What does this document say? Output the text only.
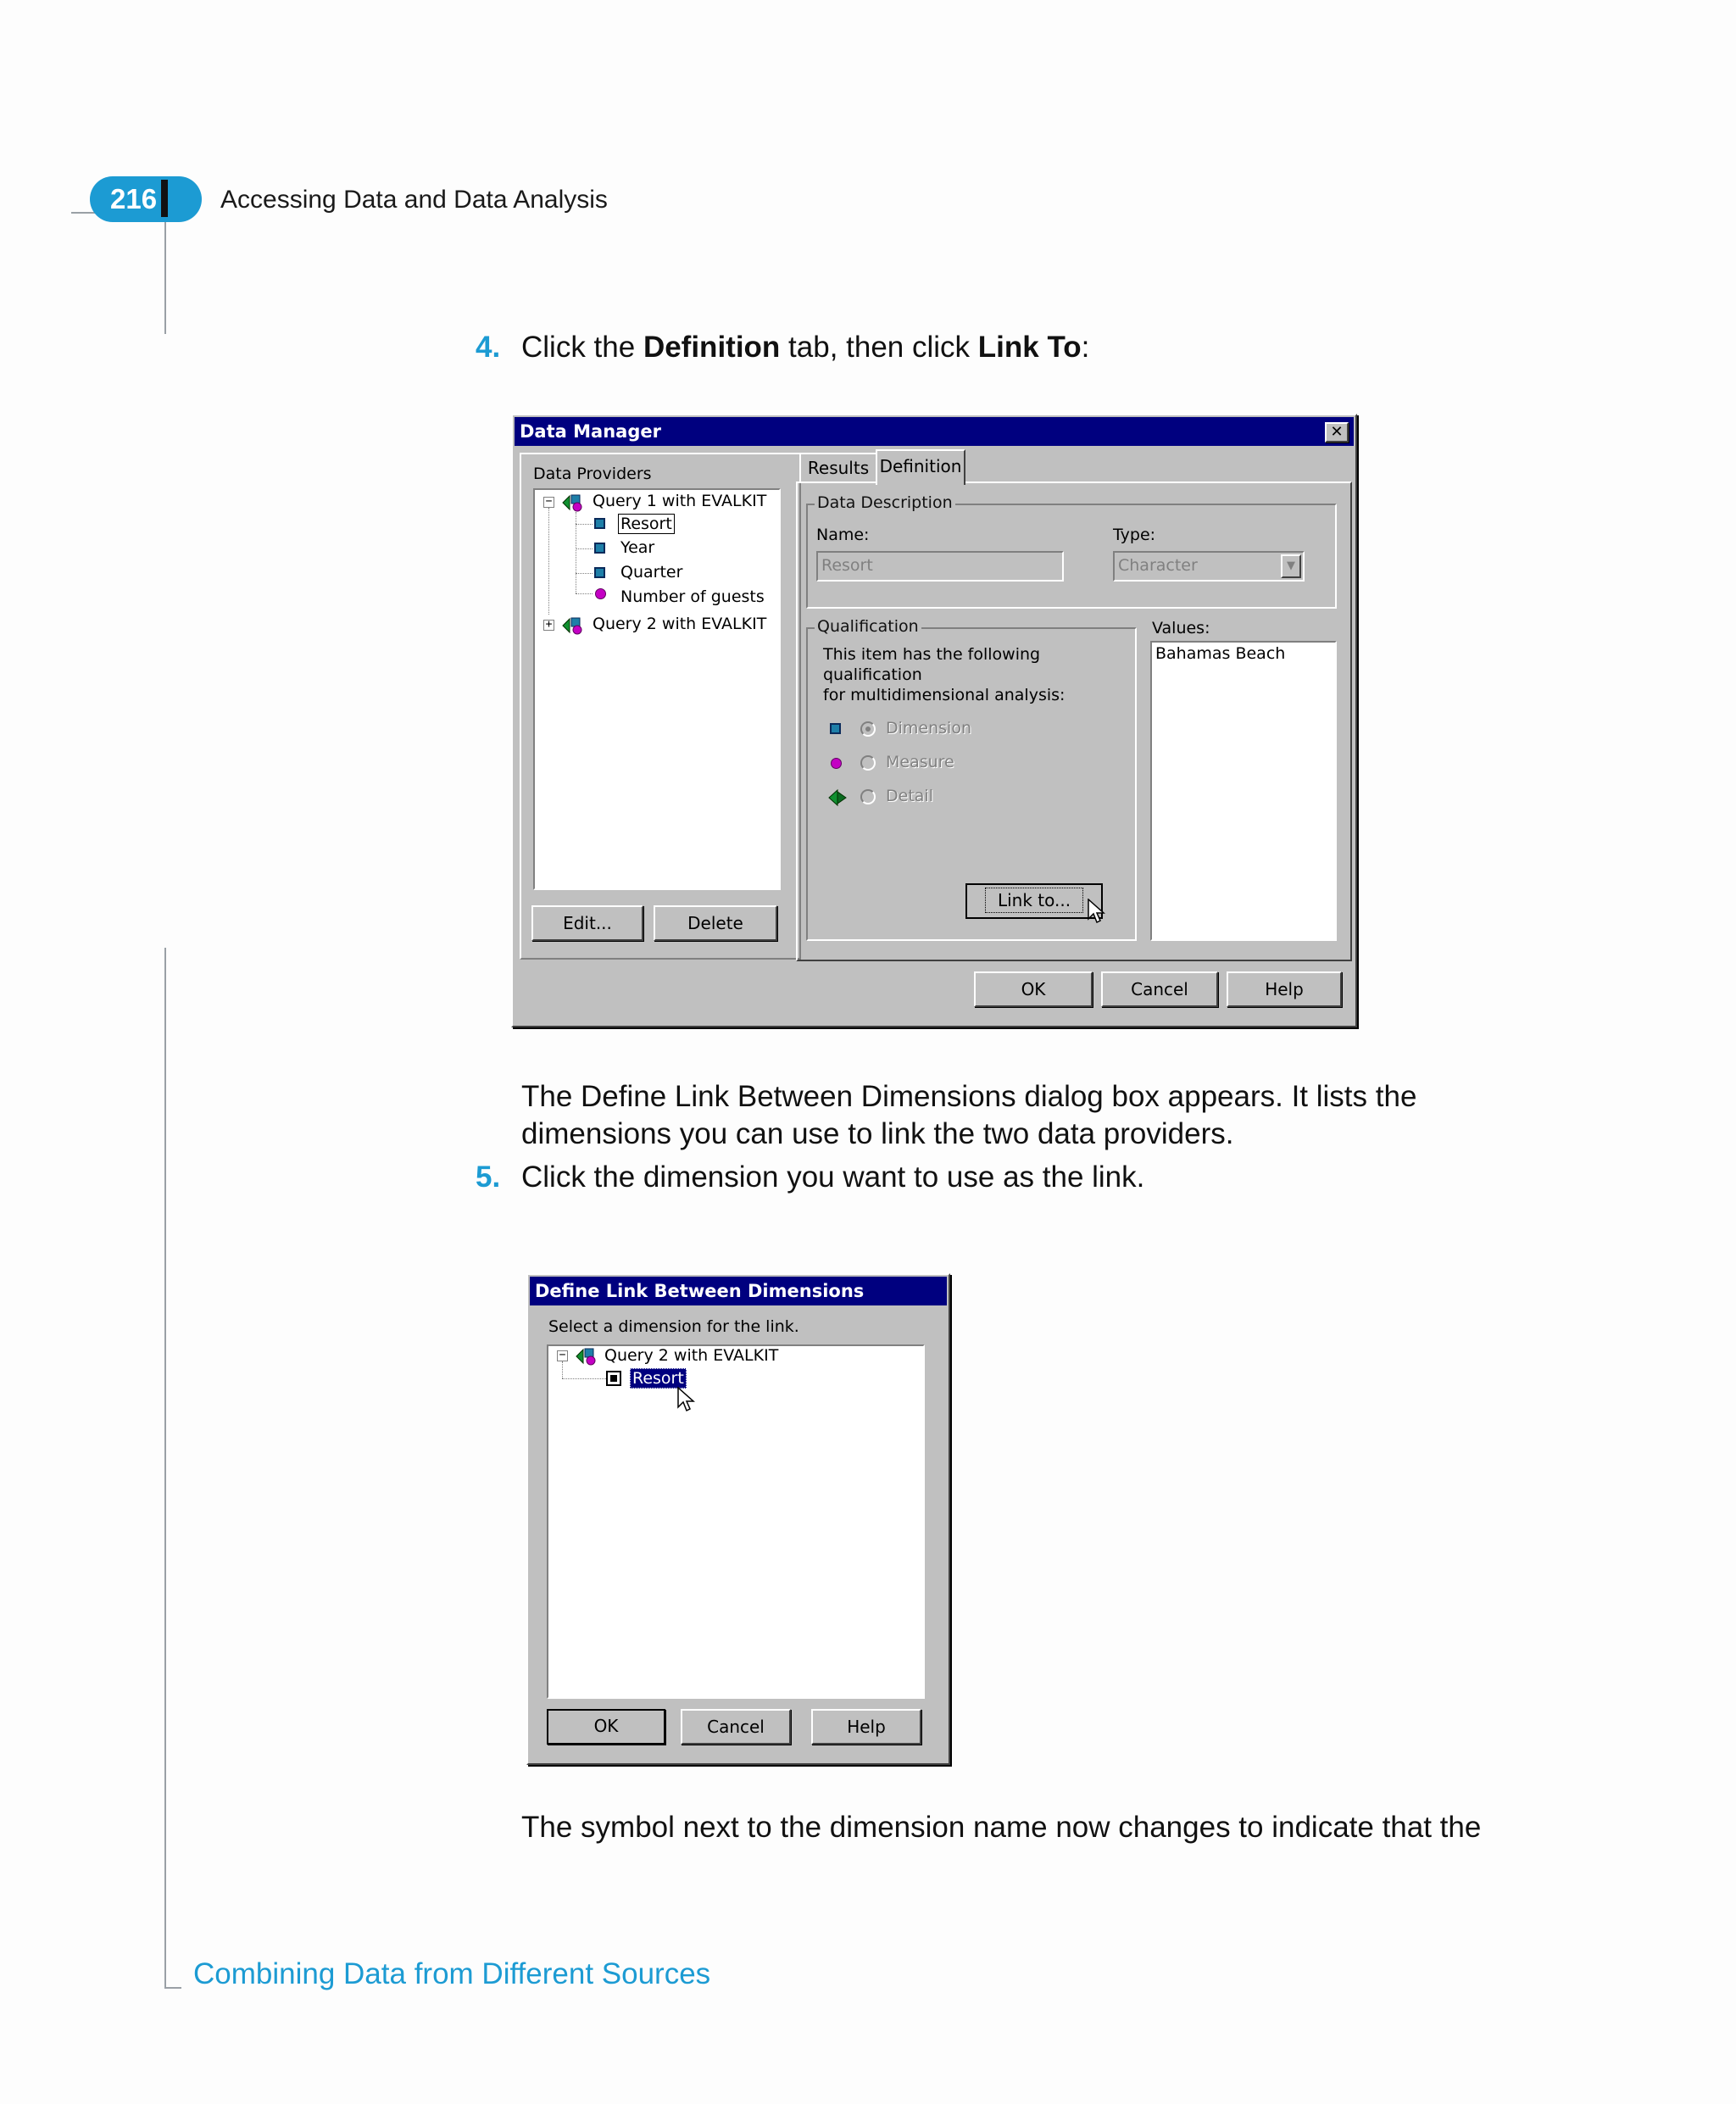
216	Accessing Data and Data Analysis
4. Click the Definition tab, then click Link To:
Data Manager	✕
Data Providers
−	Query 1 with EVALKIT
Resort
Year
Quarter
Number of guests
+	Query 2 with EVALKIT
Edit...	Delete
Results Definition
Data Description
Name:
Resort
Type:
Character	▼
Qualification
This item has the following qualification
for multidimensional analysis:
Dimension
Measure
Detail
Link to...
Values:
Bahamas Beach
OK	Cancel	Help
The Define Link Between Dimensions dialog box appears. It lists the
dimensions you can use to link the two data providers.
5. Click the dimension you want to use as the link.
Define Link Between Dimensions
Select a dimension for the link.
− Query 2 with EVALKIT
Resort
OK	Cancel	Help
The symbol next to the dimension name now changes to indicate that the
Combining Data from Different Sources
